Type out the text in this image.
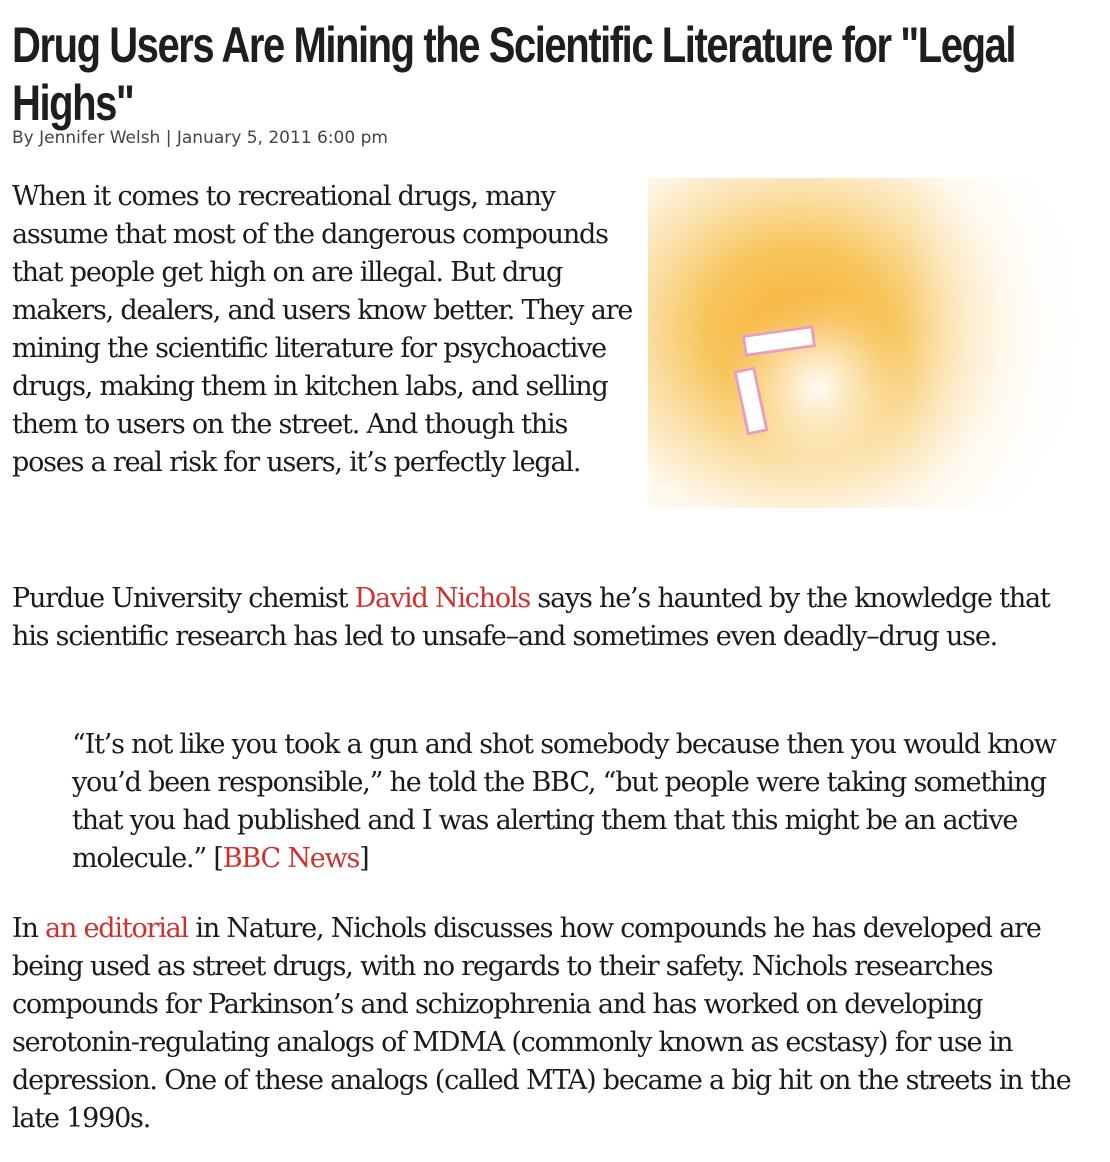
Drug Users Are Mining the Scientific Literature for "Legal Highs"
By Jennifer Welsh | January 5, 2011 6:00 pm

When it comes to recreational drugs, many assume that most of the dangerous compounds that people get high on are illegal. But drug makers, dealers, and users know better. They are mining the scientific literature for psychoactive drugs, making them in kitchen labs, and selling them to users on the street. And though this poses a real risk for users, it’s perfectly legal.

Purdue University chemist David Nichols says he’s haunted by the knowledge that his scientific research has led to unsafe–and sometimes even deadly–drug use.

“It’s not like you took a gun and shot somebody because then you would know you’d been responsible,” he told the BBC, “but people were taking something that you had published and I was alerting them that this might be an active molecule.” [BBC News]

In an editorial in Nature, Nichols discusses how compounds he has developed are being used as street drugs, with no regards to their safety. Nichols researches compounds for Parkinson’s and schizophrenia and has worked on developing serotonin-regulating analogs of MDMA (commonly known as ecstasy) for use in depression. One of these analogs (called MTA) became a big hit on the streets in the late 1990s.
